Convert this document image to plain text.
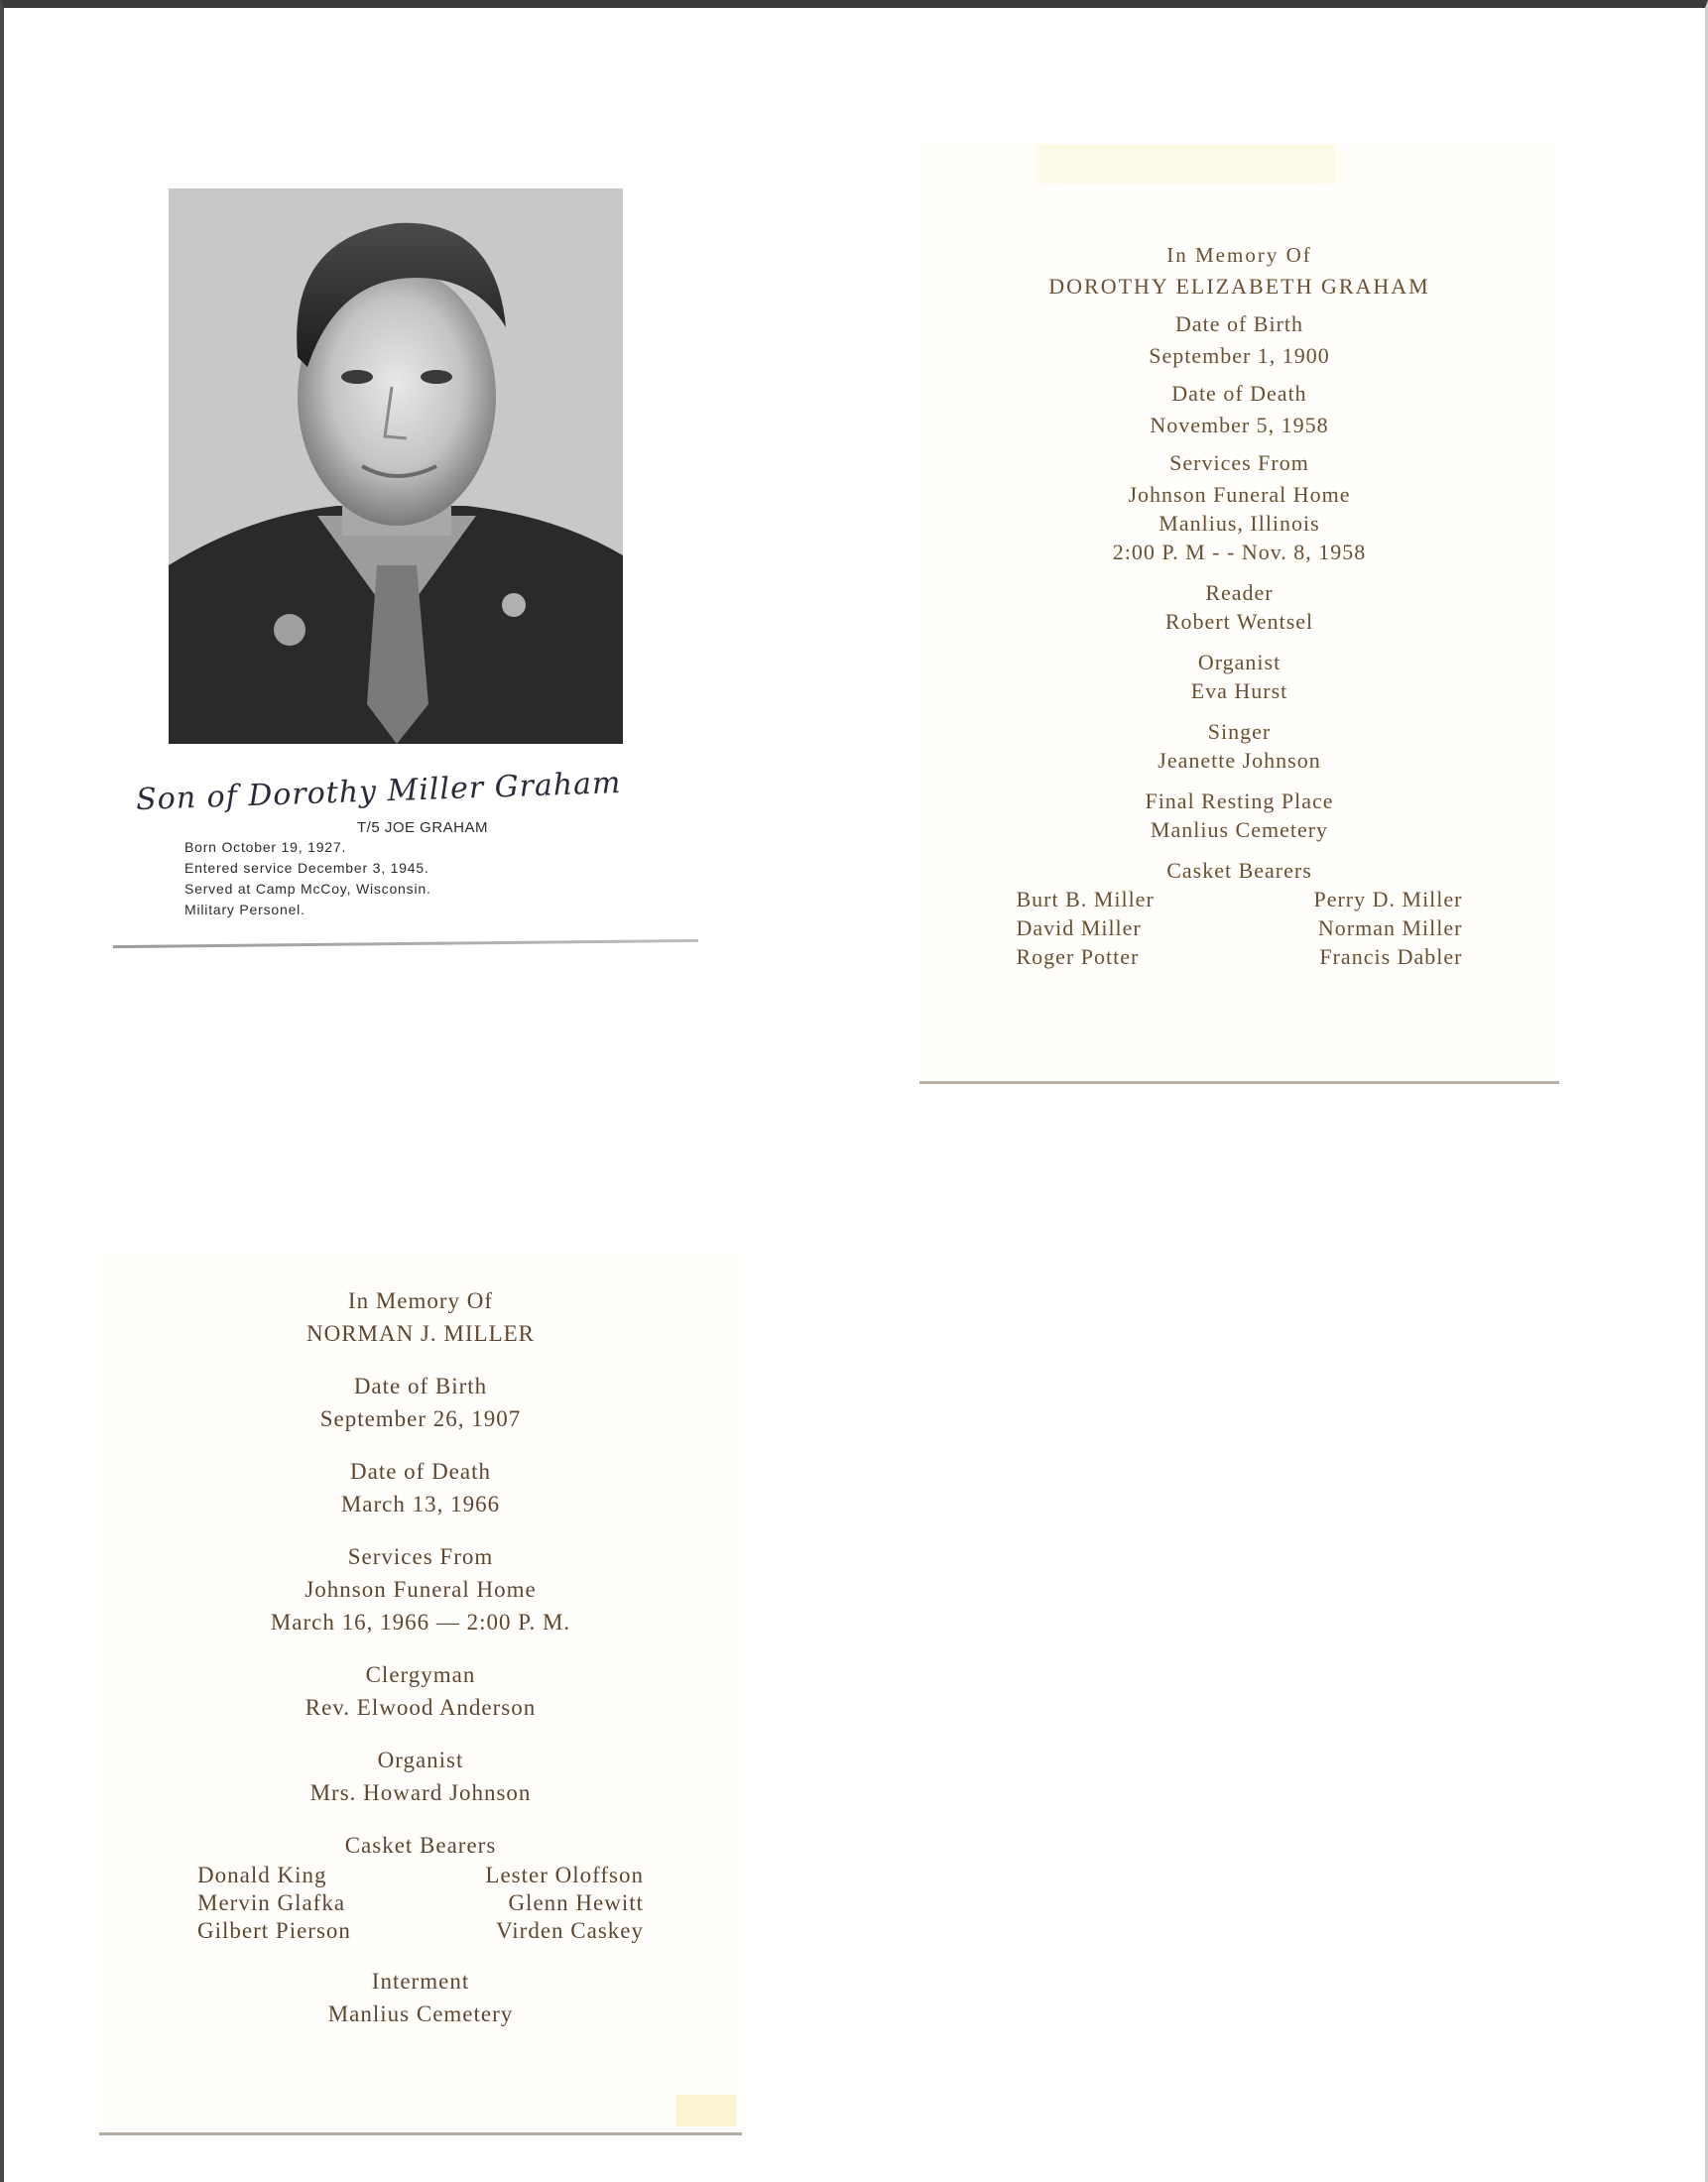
Son of Dorothy Miller Graham
T/5 JOE GRAHAM
Born October 19, 1927.
Entered service December 3, 1945.
Served at Camp McCoy, Wisconsin.
Military Personel.
In Memory Of
DOROTHY ELIZABETH GRAHAM
Date of Birth
September 1, 1900
Date of Death
November 5, 1958
Services From
Johnson Funeral Home
Manlius, Illinois
2:00 P. M - - Nov. 8, 1958
Reader
Robert Wentsel
Organist
Eva Hurst
Singer
Jeanette Johnson
Final Resting Place
Manlius Cemetery
Casket Bearers
Burt B. Miller	Perry D. Miller
David Miller	Norman Miller
Roger Potter	Francis Dabler
In Memory Of
NORMAN J. MILLER
Date of Birth
September 26, 1907
Date of Death
March 13, 1966
Services From
Johnson Funeral Home
March 16, 1966 — 2:00 P. M.
Clergyman
Rev. Elwood Anderson
Organist
Mrs. Howard Johnson
Casket Bearers
Donald King	Lester Oloffson
Mervin Glafka	Glenn Hewitt
Gilbert Pierson	Virden Caskey
Interment
Manlius Cemetery
